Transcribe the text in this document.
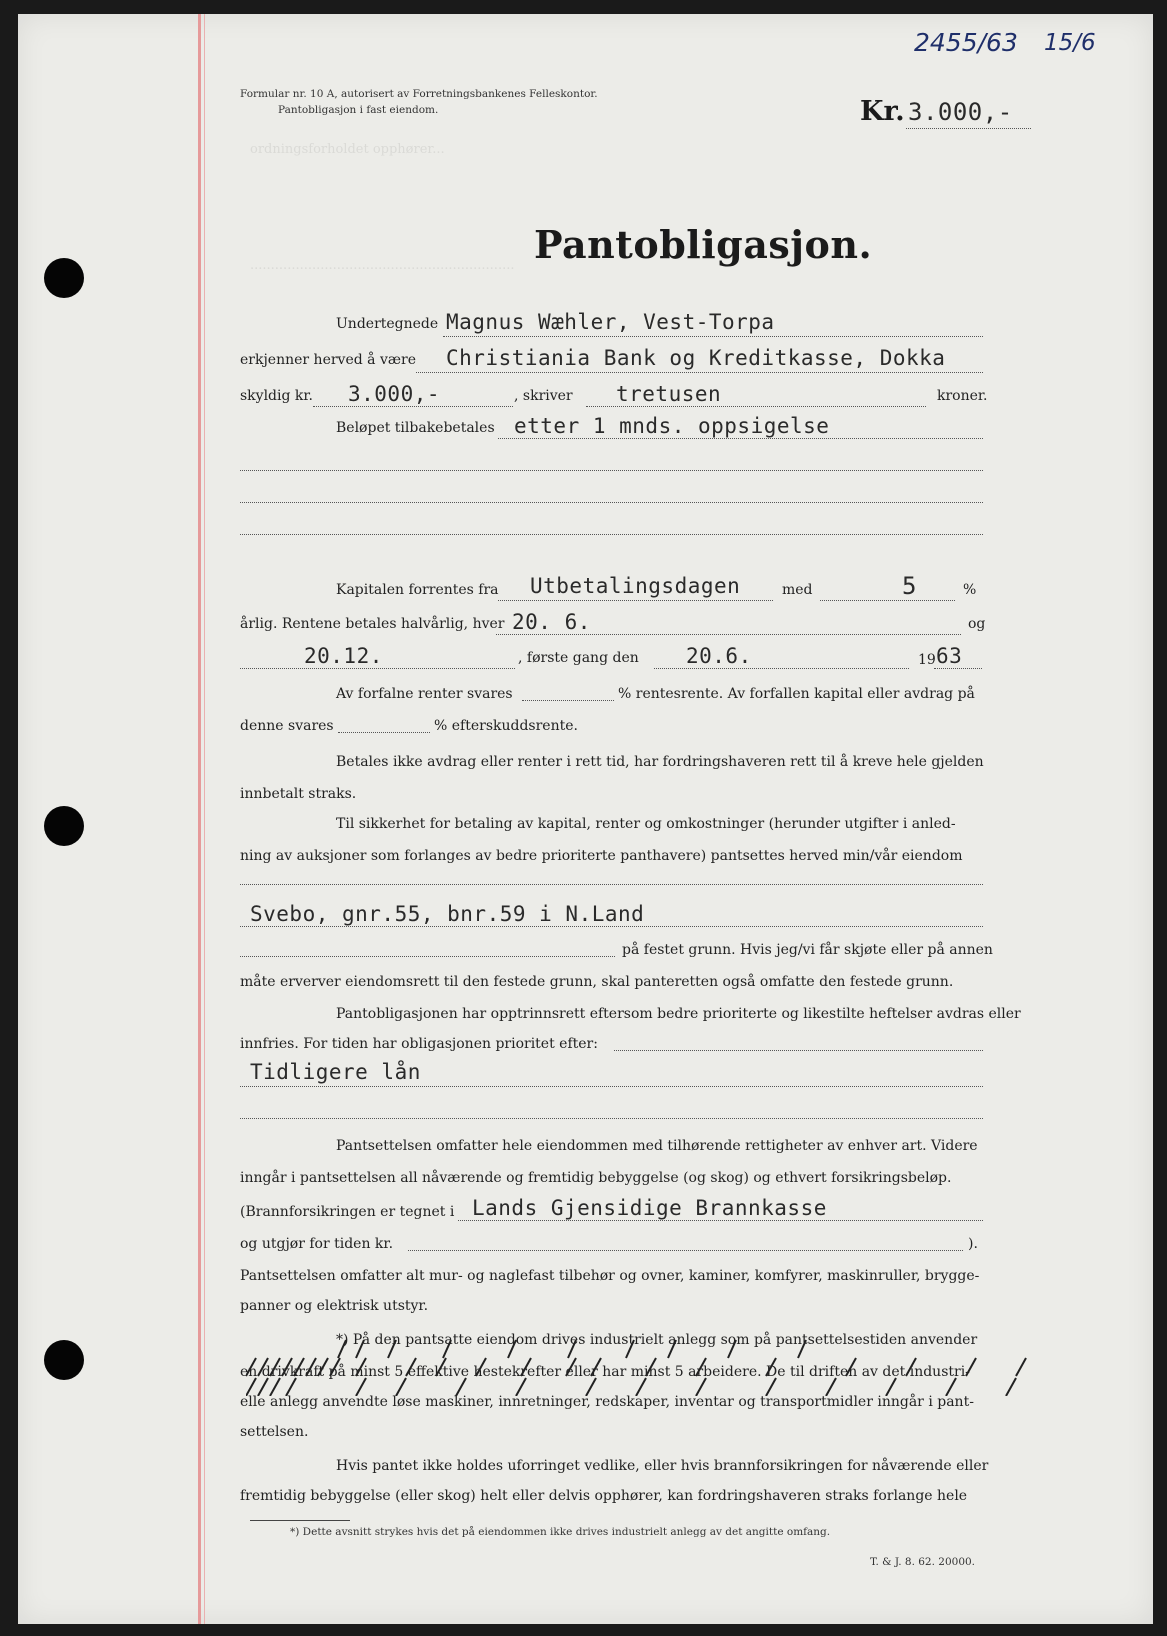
ordningsforholdet opphører...
................................................................
2455/63 15/6
Formular nr. 10 A, autorisert av Forretningsbankenes Felleskontor.
Pantobligasjon i fast eiendom.	Kr. 3.000,-
Pantobligasjon.
Undertegnede Magnus Wæhler, Vest-Torpa
erkjenner herved å være Christiania Bank og Kreditkasse, Dokka
skyldig kr. 3.000,-	, skriver tretusen	kroner.
Beløpet tilbakebetales etter 1 mnds. oppsigelse
Kapitalen forrentes fra Utbetalingsdagen	med	5	%
årlig. Rentene betales halvårlig, hver 20. 6.	og
20.12.	, første gang den 20.6.	19 63
Av forfalne renter svares	% rentesrente. Av forfallen kapital eller avdrag på
denne svares	% efterskuddsrente.
Betales ikke avdrag eller renter i rett tid, har fordringshaveren rett til å kreve hele gjelden
innbetalt straks.
Til sikkerhet for betaling av kapital, renter og omkostninger (herunder utgifter i anled-
ning av auksjoner som forlanges av bedre prioriterte panthavere) pantsettes herved min/vår eiendom
Svebo, gnr.55, bnr.59 i N.Land
på festet grunn. Hvis jeg/vi får skjøte eller på annen
måte erverver eiendomsrett til den festede grunn, skal panteretten også omfatte den festede grunn.
Pantobligasjonen har opptrinnsrett eftersom bedre prioriterte og likestilte heftelser avdras eller
innfries. For tiden har obligasjonen prioritet efter:
Tidligere lån
Pantsettelsen omfatter hele eiendommen med tilhørende rettigheter av enhver art. Videre
inngår i pantsettelsen all nåværende og fremtidig bebyggelse (og skog) og ethvert forsikringsbeløp.
(Brannforsikringen er tegnet i Lands Gjensidige Brannkasse
og utgjør for tiden kr.	).
Pantsettelsen omfatter alt mur- og naglefast tilbehør og ovner, kaminer, komfyrer, maskinruller, brygge-
panner og elektrisk utstyr.
*) På den pantsatte eiendom drives industrielt anlegg som på pantsettelsestiden anvender
en drivkraft på minst 5 effektive hestekrefter eller har minst 5 arbeidere. De til driften av det industri-
elle anlegg anvendte løse maskiner, innretninger, redskaper, inventar og transportmidler inngår i pant-
settelsen.
Hvis pantet ikke holdes uforringet vedlike, eller hvis brannforsikringen for nåværende eller
fremtidig bebyggelse (eller skog) helt eller delvis opphører, kan fordringshaveren straks forlange hele
*) Dette avsnitt strykes hvis det på eiendommen ikke drives industrielt anlegg av det angitte omfang.
T. & J. 8. 62. 20000.
